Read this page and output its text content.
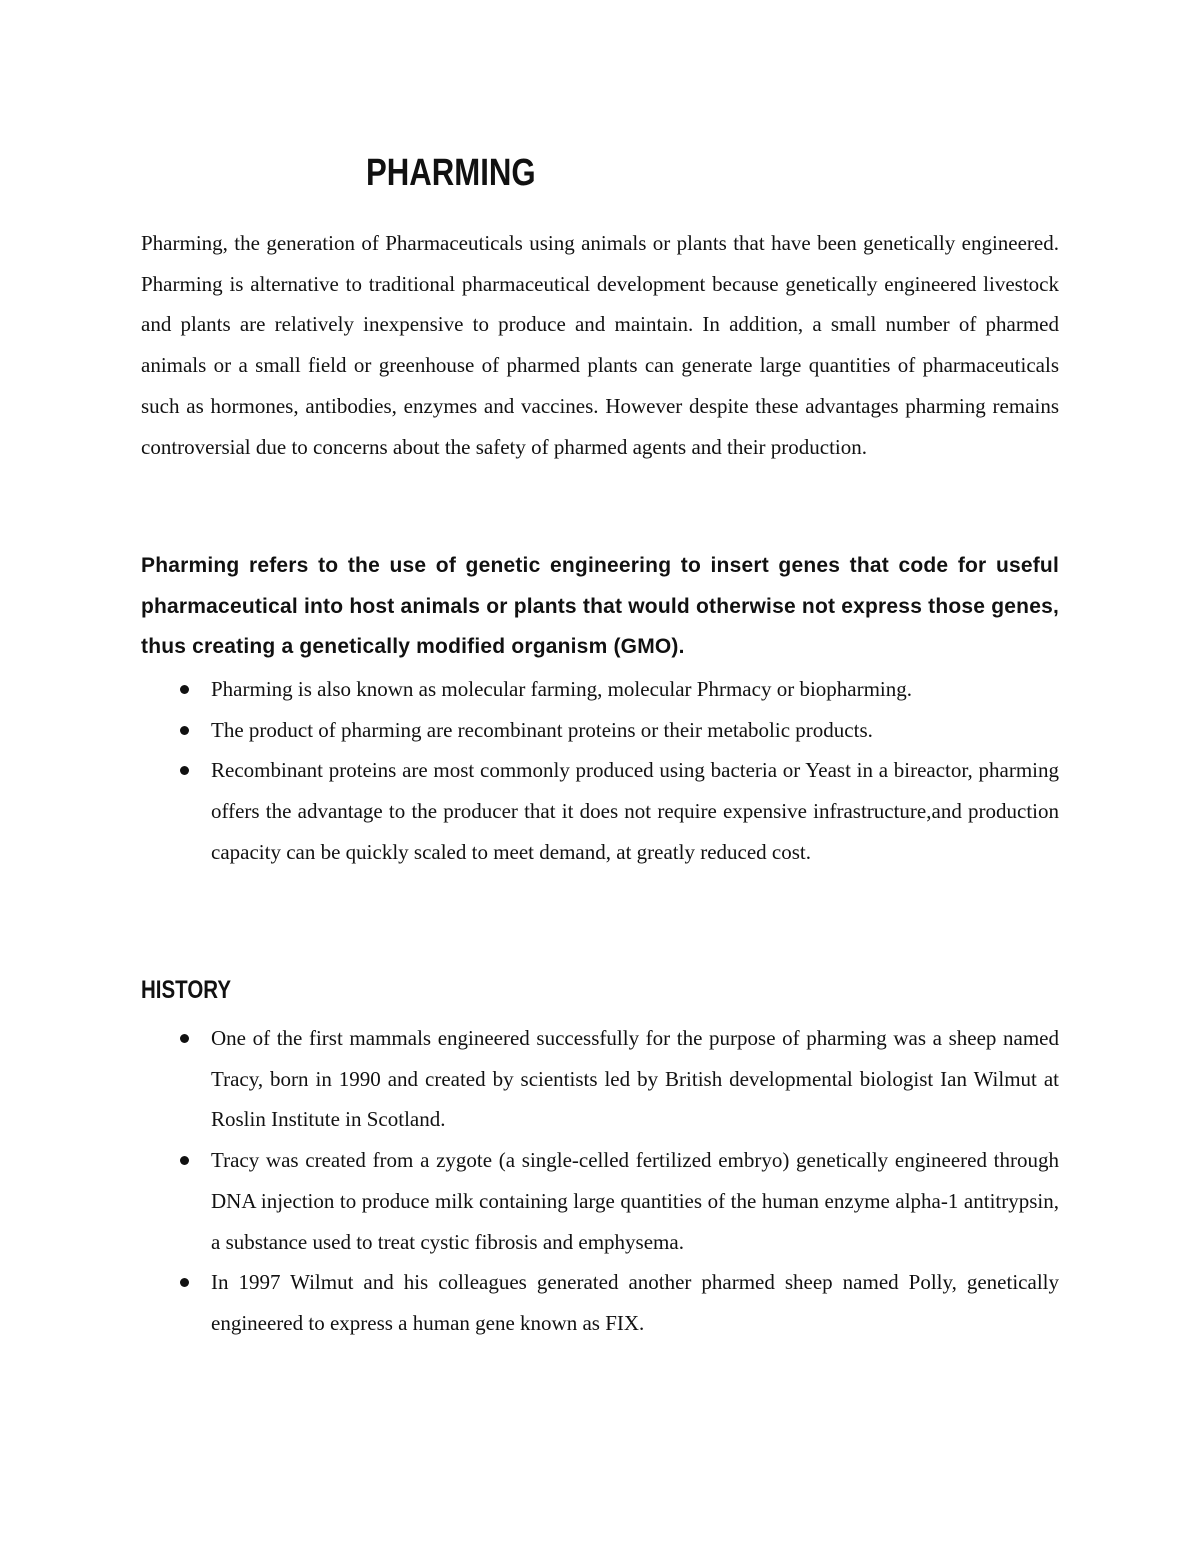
PHARMING

Pharming, the generation of Pharmaceuticals using animals or plants that have been genetically engineered. Pharming is alternative to traditional pharmaceutical development because genetically engineered livestock and plants are relatively inexpensive to produce and maintain. In addition, a small number of pharmed animals or a small field or greenhouse of pharmed plants can generate large quantities of pharmaceuticals such as hormones, antibodies, enzymes and vaccines. However despite these advantages pharming remains controversial due to concerns about the safety of pharmed agents and their production.

Pharming refers to the use of genetic engineering to insert genes that code for useful pharmaceutical into host animals or plants that would otherwise not express those genes, thus creating a genetically modified organism (GMO).

Pharming is also known as molecular farming, molecular Phrmacy or biopharming.
The product of pharming are recombinant proteins or their metabolic products.
Recombinant proteins are most commonly produced using bacteria or Yeast in a bireactor, pharming offers the advantage to the producer that it does not require expensive infrastructure,and production capacity can be quickly scaled to meet demand, at greatly reduced cost.
HISTORY
One of the first mammals engineered successfully for the purpose of pharming was a sheep named Tracy, born in 1990 and created by scientists led by British developmental biologist Ian Wilmut at Roslin Institute in Scotland.
Tracy was created from a zygote (a single-celled fertilized embryo) genetically engineered through DNA injection to produce milk containing large quantities of the human enzyme alpha-1 antitrypsin, a substance used to treat cystic fibrosis and emphysema.
In 1997 Wilmut and his colleagues generated another pharmed sheep named Polly, genetically engineered to express a human gene known as FIX.
